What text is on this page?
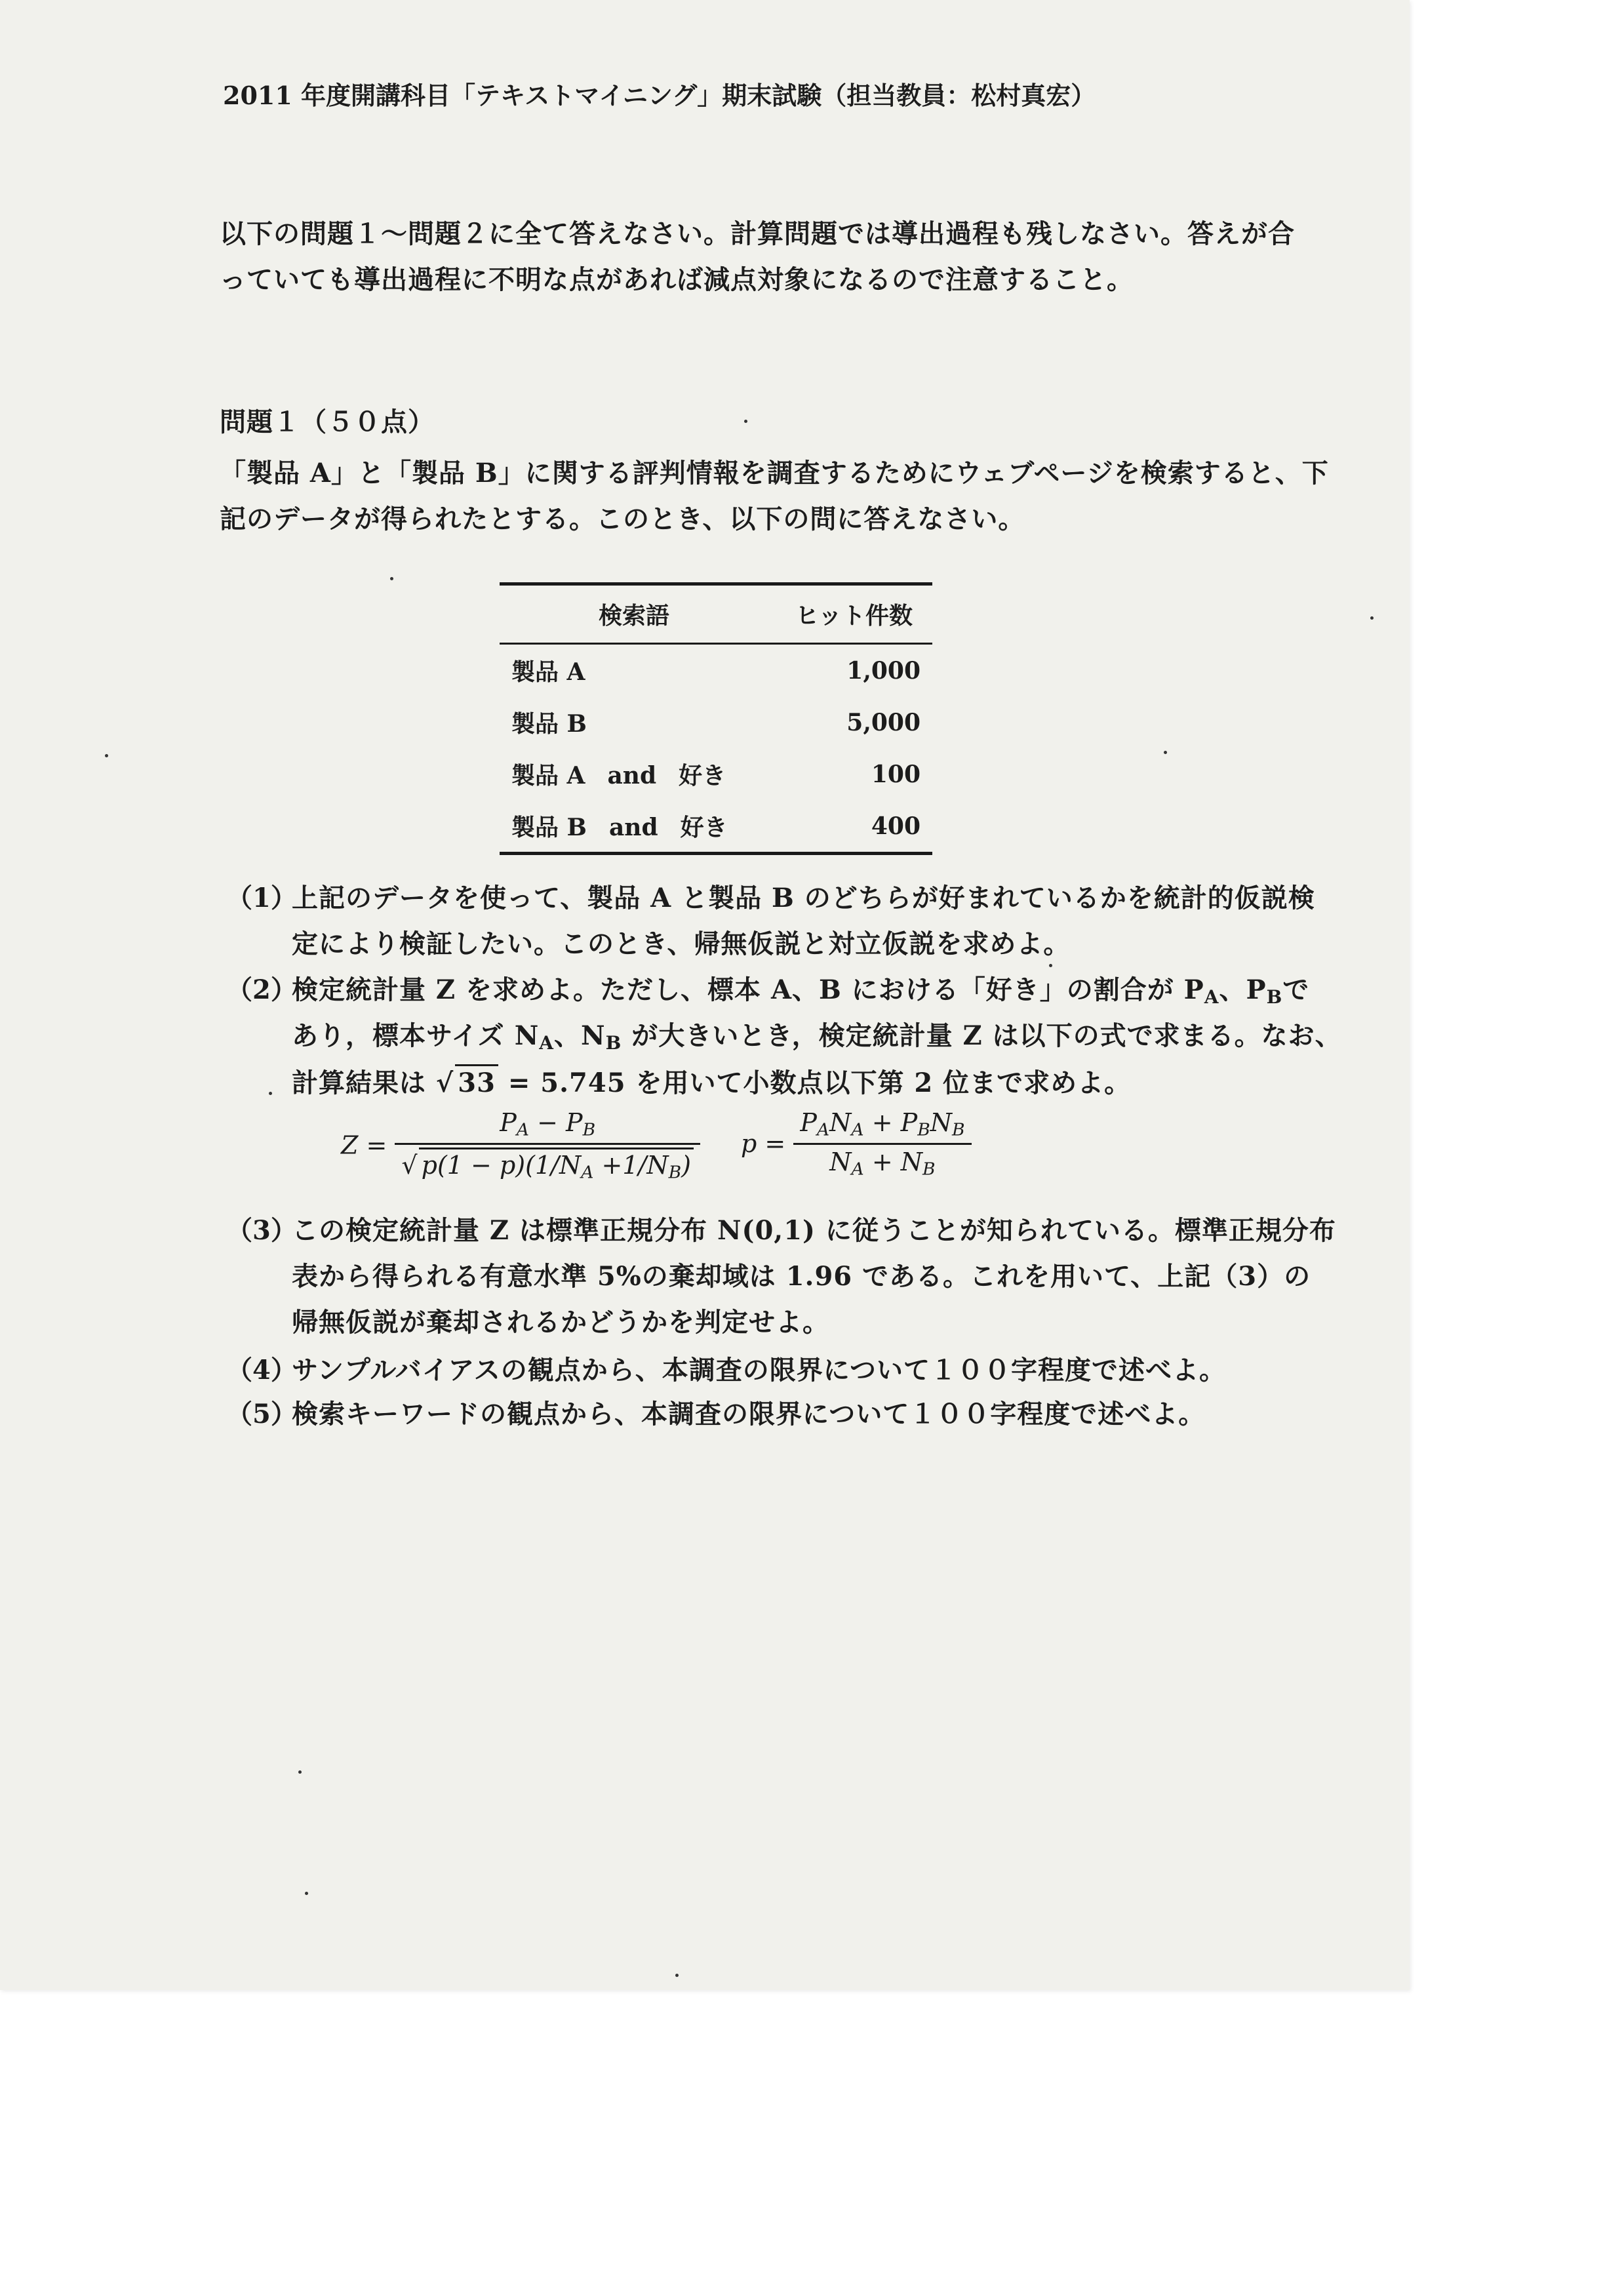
2011 年度開講科目「テキストマイニング」期末試験（担当教員：松村真宏）
以下の問題１～問題２に全て答えなさい。計算問題では導出過程も残しなさい。答えが合
っていても導出過程に不明な点があれば減点対象になるので注意すること。
問題１（５０点）
「製品 A」と「製品 B」に関する評判情報を調査するためにウェブページを検索すると、下
記のデータが得られたとする。このとき、以下の問に答えなさい。
検索語	ヒット件数
製品 A	1,000
製品 B	5,000
製品 A and 好き	100
製品 B and 好き	400
（1）
上記のデータを使って、製品 A と製品 B のどちらが好まれているかを統計的仮説検
定により検証したい。このとき、帰無仮説と対立仮説を求めよ。
（2）
検定統計量 Z を求めよ。ただし、標本 A、B における「好き」の割合が $P_A$、$P_B$で
あり，標本サイズ $N_A$、$N_B$ が大きいとき，検定統計量 Z は以下の式で求まる。なお、
計算結果は √ 33 = 5.745 を用いて小数点以下第 2 位まで求めよ。
$Z = \frac{P_A - P_B}{√ p(1 - p)(1/N_A +1/N_B)}$ $p = \frac{P_AN_A + P_BN_B}{N_A + N_B}$
（3）
この検定統計量 Z は標準正規分布 N(0,1) に従うことが知られている。標準正規分布
表から得られる有意水準 5%の棄却域は 1.96 である。これを用いて、上記（3）の
帰無仮説が棄却されるかどうかを判定せよ。
（4）
サンプルバイアスの観点から、本調査の限界について１００字程度で述べよ。
（5）
検索キーワードの観点から、本調査の限界について１００字程度で述べよ。
